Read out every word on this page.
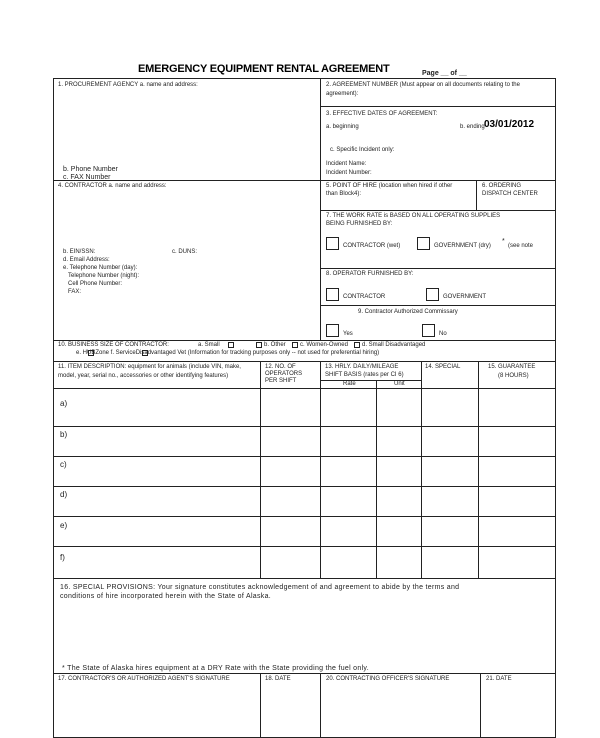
EMERGENCY EQUIPMENT RENTAL AGREEMENT	Page __ of __
1. PROCUREMENT AGENCY a. name and address:
b. Phone Number
c. FAX Number
2. AGREEMENT NUMBER (Must appear on all documents relating to the
agreement):
3. EFFECTIVE DATES OF AGREEMENT:
a. beginning	b. ending 03/01/2012
c. Specific Incident only:
Incident Name:
Incident Number:
4. CONTRACTOR a. name and address:
b. EIN/SSN:	c. DUNS:
d. Email Address:
e. Telephone Number (day):
Telephone Number (night):
Cell Phone Number:
FAX:
5. POINT OF HIRE (location when hired if other
than Block4):
6. ORDERING
DISPATCH CENTER
7. THE WORK RATE is BASED ON ALL OPERATING SUPPLIES
BEING FURNISHED BY:
CONTRACTOR (wet)	GOVERNMENT (dry)
*
(see note
8. OPERATOR FURNISHED BY:
CONTRACTOR	GOVERNMENT
9. Contractor Authorized Commissary
Yes	No
10. BUSINESS SIZE OF CONTRACTOR:	a. Small	b. Other c. Women-Owned d. Small Disadvantaged
e. HUBZone f. ServiceDisadvantaged Vet (Information for tracking purposes only -- not used for preferential hiring)
11. ITEM DESCRIPTION: equipment for animals (include VIN, make,
model, year, serial no., accessories or other identifying features)
12. NO. OF
OPERATORS
PER SHIFT
13. HRLY. DAILY/MILEAGE
SHIFT BASIS (rates per CI 6)
Rate	Unit
14. SPECIAL	15. GUARANTEE
(8 HOURS)
a)
b)
c)
d)
e)
f)
16. SPECIAL PROVISIONS: Your signature constitutes acknowledgement of and agreement to abide by the terms and
conditions of hire incorporated herein with the State of Alaska.
* The State of Alaska hires equipment at a DRY Rate with the State providing the fuel only.
17. CONTRACTOR'S OR AUTHORIZED AGENT'S SIGNATURE	18. DATE	20. CONTRACTING OFFICER'S SIGNATURE	21. DATE
